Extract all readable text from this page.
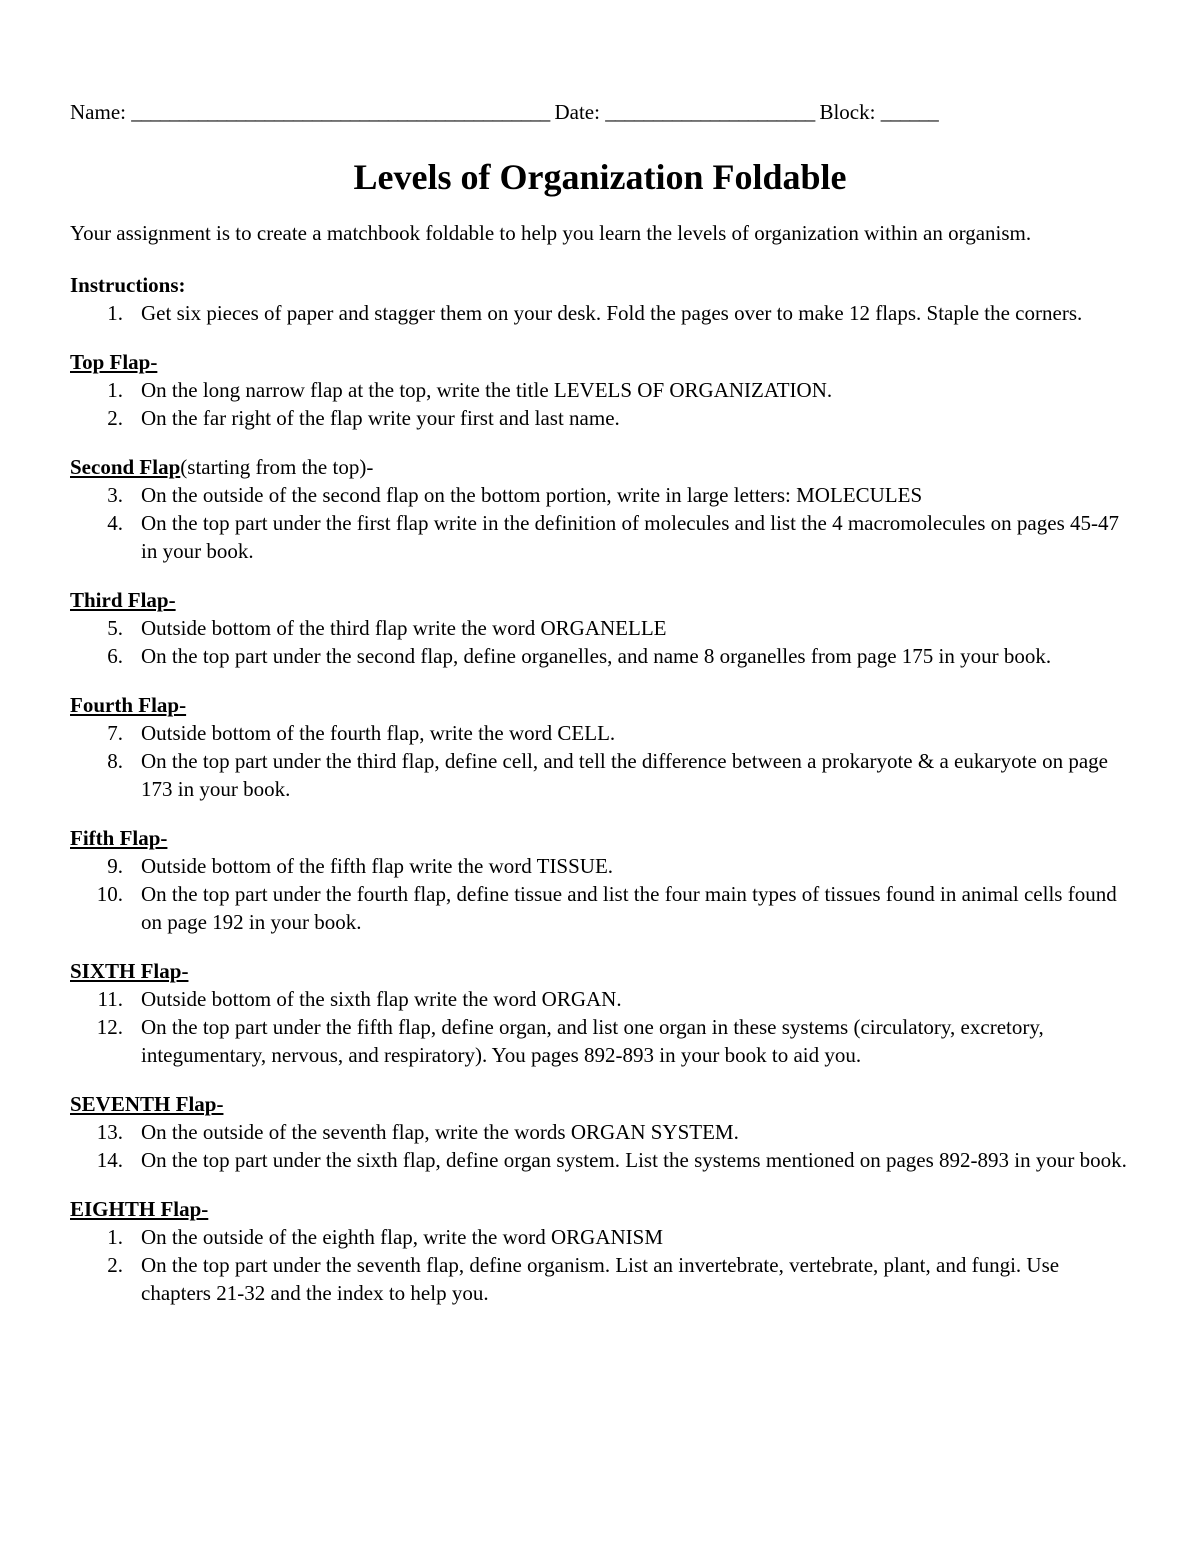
Name: ____________________________________________ Date: ______________________ Block: ______
Levels of Organization Foldable
Your assignment is to create a matchbook foldable to help you learn the levels of organization within an organism.
Instructions:
1. Get six pieces of paper and stagger them on your desk. Fold the pages over to make 12 flaps. Staple the corners.
Top Flap-
1. On the long narrow flap at the top, write the title LEVELS OF ORGANIZATION.
2. On the far right of the flap write your first and last name.
Second Flap(starting from the top)-
3. On the outside of the second flap on the bottom portion, write in large letters: MOLECULES
4. On the top part under the first flap write in the definition of molecules and list the 4 macromolecules on pages 45-47 in your book.
Third Flap-
5. Outside bottom of the third flap write the word ORGANELLE
6. On the top part under the second flap, define organelles, and name 8 organelles from page 175 in your book.
Fourth Flap-
7. Outside bottom of the fourth flap, write the word CELL.
8. On the top part under the third flap, define cell, and tell the difference between a prokaryote & a eukaryote on page 173 in your book.
Fifth Flap-
9. Outside bottom of the fifth flap write the word TISSUE.
10. On the top part under the fourth flap, define tissue and list the four main types of tissues found in animal cells found on page 192 in your book.
SIXTH Flap-
11. Outside bottom of the sixth flap write the word ORGAN.
12. On the top part under the fifth flap, define organ, and list one organ in these systems (circulatory, excretory, integumentary, nervous, and respiratory). You pages 892-893 in your book to aid you.
SEVENTH Flap-
13. On the outside of the seventh flap, write the words ORGAN SYSTEM.
14. On the top part under the sixth flap, define organ system. List the systems mentioned on pages 892-893 in your book.
EIGHTH Flap-
1. On the outside of the eighth flap, write the word ORGANISM
2. On the top part under the seventh flap, define organism. List an invertebrate, vertebrate, plant, and fungi. Use chapters 21-32 and the index to help you.
